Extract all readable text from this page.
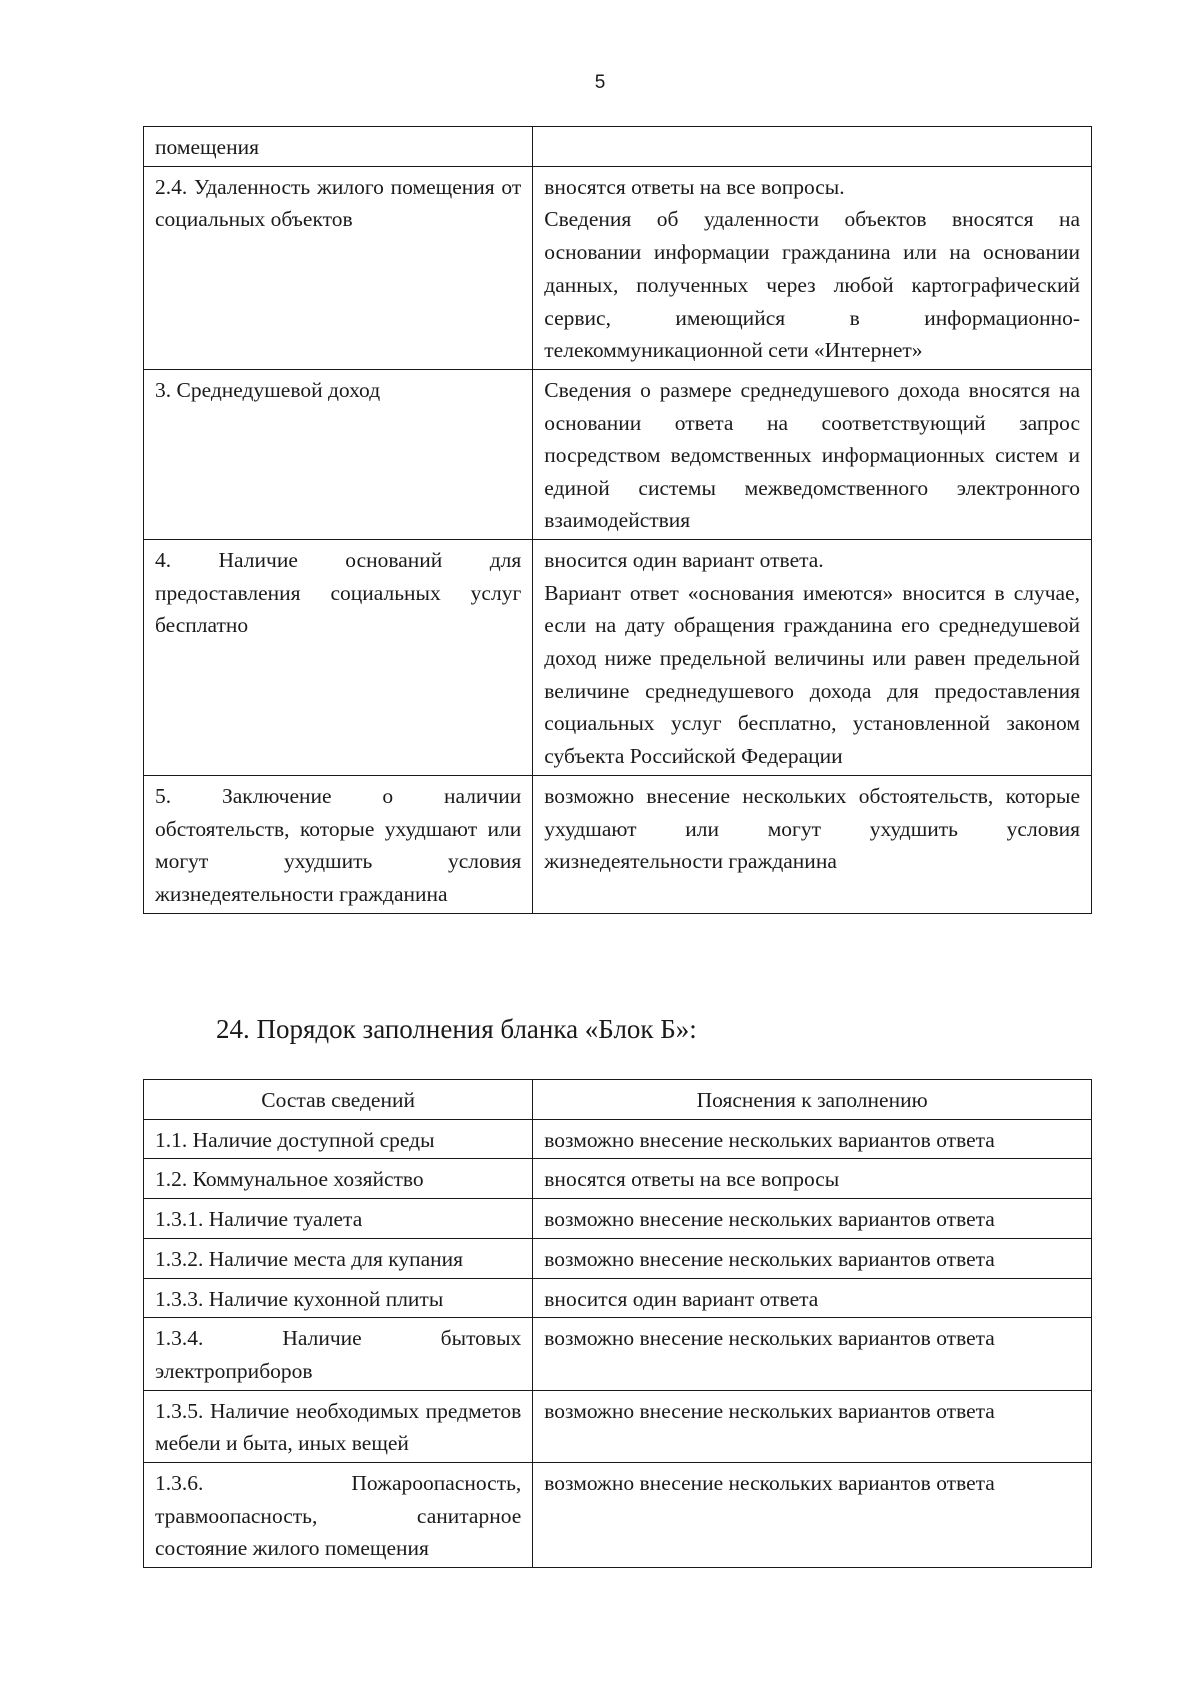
5
помещения	
2.4. Удаленность жилого помещения от социальных объектов	вносятся ответы на все вопросы.
Сведения об удаленности объектов вносятся на основании информации гражданина или на основании данных, полученных через любой картографический сервис, имеющийся в информационно-телекоммуникационной сети «Интернет»

3. Среднедушевой доход	Сведения о размере среднедушевого дохода вносятся на основании ответа на соответствующий запрос посредством ведомственных информационных систем и единой системы межведомственного электронного взаимодействия

4. Наличие оснований для предоставления социальных услуг бесплатно	вносится один вариант ответа.
Вариант ответ «основания имеются» вносится в случае, если на дату обращения гражданина его среднедушевой доход ниже предельной величины или равен предельной величине среднедушевого дохода для предоставления социальных услуг бесплатно, установленной законом субъекта Российской Федерации

5. Заключение о наличии обстоятельств, которые ухудшают или могут ухудшить условия жизнедеятельности гражданина	возможно внесение нескольких обстоятельств, которые ухудшают или могут ухудшить условия жизнедеятельности гражданина
24. Порядок заполнения бланка «Блок Б»:
Состав сведений	Пояснения к заполнению
1.1. Наличие доступной среды	возможно внесение нескольких вариантов ответа
1.2. Коммунальное хозяйство	вносятся ответы на все вопросы
1.3.1. Наличие туалета	возможно внесение нескольких вариантов ответа
1.3.2. Наличие места для купания	возможно внесение нескольких вариантов ответа
1.3.3. Наличие кухонной плиты	вносится один вариант ответа
1.3.4. Наличие бытовых электроприборов	возможно внесение нескольких вариантов ответа
1.3.5. Наличие необходимых предметов мебели и быта, иных вещей	возможно внесение нескольких вариантов ответа
1.3.6. Пожароопасность, травмоопасность, санитарное состояние жилого помещения	возможно внесение нескольких вариантов ответа
